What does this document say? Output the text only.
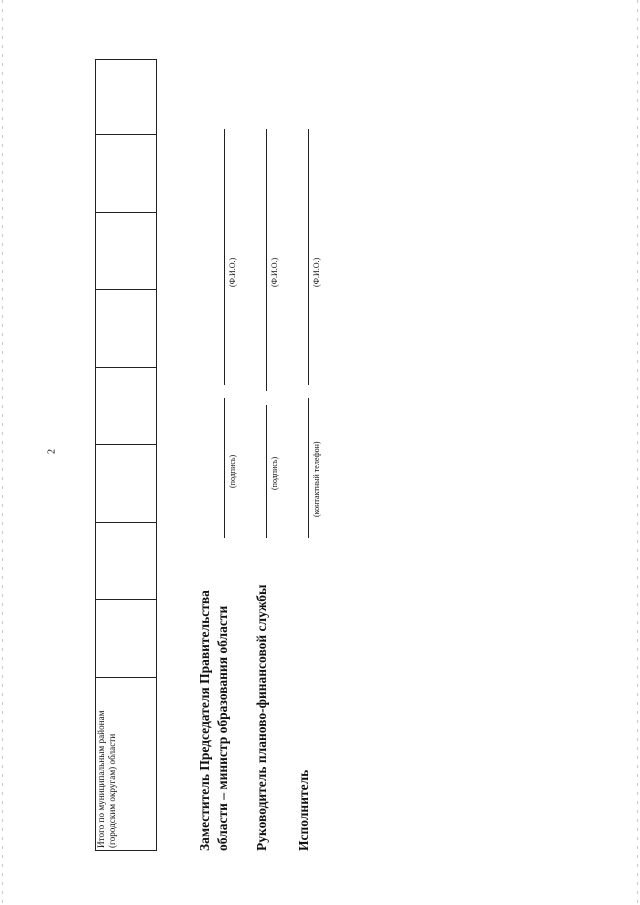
2
Итого по муниципальным районам (городским округам) области	Заместитель Председателя Правительства области – министр образования области
(подпись)
(Ф.И.О.)
Руководитель планово-финансовой службы
(подпись)
(Ф.И.О.)
Исполнитель
(контактный телефон)
(Ф.И.О.)
